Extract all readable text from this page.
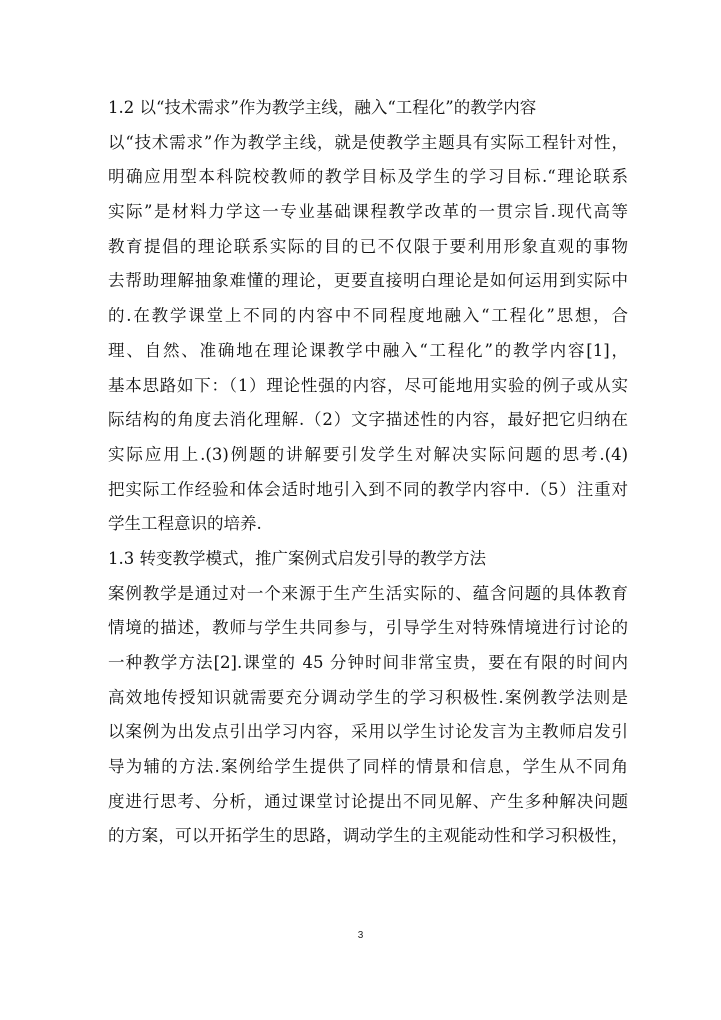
1.2 以“技术需求”作为教学主线，融入“工程化”的教学内容
以“技术需求”作为教学主线，就是使教学主题具有实际工程针对性，
明确应用型本科院校教师的教学目标及学生的学习目标.“理论联系
实际”是材料力学这一专业基础课程教学改革的一贯宗旨.现代高等
教育提倡的理论联系实际的目的已不仅限于要利用形象直观的事物
去帮助理解抽象难懂的理论，更要直接明白理论是如何运用到实际中
的.在教学课堂上不同的内容中不同程度地融入“工程化”思想，合
理、自然、准确地在理论课教学中融入“工程化”的教学内容[1]，
基本思路如下：（1）理论性强的内容，尽可能地用实验的例子或从实
际结构的角度去消化理解.（2）文字描述性的内容，最好把它归纳在
实际应用上.(3)例题的讲解要引发学生对解决实际问题的思考.(4)
把实际工作经验和体会适时地引入到不同的教学内容中.（5）注重对
学生工程意识的培养.
1.3 转变教学模式，推广案例式启发引导的教学方法
案例教学是通过对一个来源于生产生活实际的、蕴含问题的具体教育
情境的描述，教师与学生共同参与，引导学生对特殊情境进行讨论的
一种教学方法[2].课堂的 45 分钟时间非常宝贵，要在有限的时间内
高效地传授知识就需要充分调动学生的学习积极性.案例教学法则是
以案例为出发点引出学习内容，采用以学生讨论发言为主教师启发引
导为辅的方法.案例给学生提供了同样的情景和信息，学生从不同角
度进行思考、分析，通过课堂讨论提出不同见解、产生多种解决问题
的方案，可以开拓学生的思路，调动学生的主观能动性和学习积极性，
3
